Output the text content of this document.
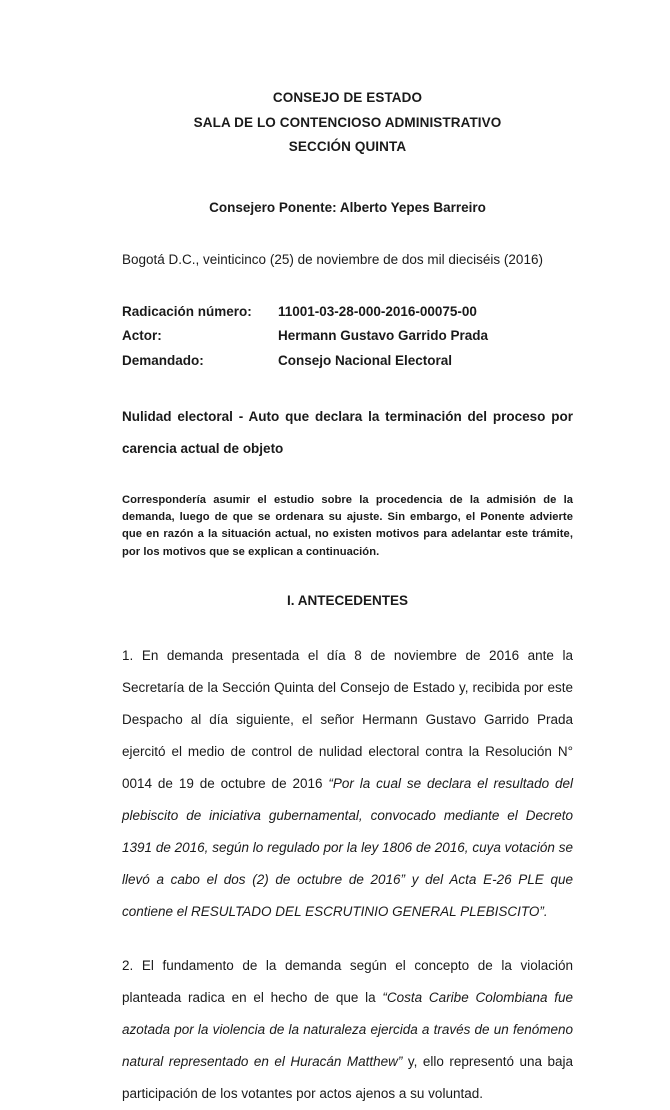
CONSEJO DE ESTADO
SALA DE LO CONTENCIOSO ADMINISTRATIVO
SECCIÓN QUINTA
Consejero Ponente: Alberto Yepes Barreiro
Bogotá D.C., veinticinco (25) de noviembre de dos mil dieciséis (2016)
Radicación número:	11001-03-28-000-2016-00075-00
Actor:	Hermann Gustavo Garrido Prada
Demandado:	Consejo Nacional Electoral
Nulidad electoral - Auto que declara la terminación del proceso por carencia actual de objeto
Correspondería asumir el estudio sobre la procedencia de la admisión de la demanda, luego de que se ordenara su ajuste. Sin embargo, el Ponente advierte que en razón a la situación actual, no existen motivos para adelantar este trámite, por los motivos que se explican a continuación.
I. ANTECEDENTES
1. En demanda presentada el día 8 de noviembre de 2016 ante la Secretaría de la Sección Quinta del Consejo de Estado y, recibida por este Despacho al día siguiente, el señor Hermann Gustavo Garrido Prada ejercitó el medio de control de nulidad electoral contra la Resolución N° 0014 de 19 de octubre de 2016 “Por la cual se declara el resultado del plebiscito de iniciativa gubernamental, convocado mediante el Decreto 1391 de 2016, según lo regulado por la ley 1806 de 2016, cuya votación se llevó a cabo el dos (2) de octubre de 2016” y del Acta E-26 PLE que contiene el RESULTADO DEL ESCRUTINIO GENERAL PLEBISCITO”.
2. El fundamento de la demanda según el concepto de la violación planteada radica en el hecho de que la “Costa Caribe Colombiana fue azotada por la violencia de la naturaleza ejercida a través de un fenómeno natural representado en el Huracán Matthew” y, ello representó una baja participación de los votantes por actos ajenos a su voluntad.
